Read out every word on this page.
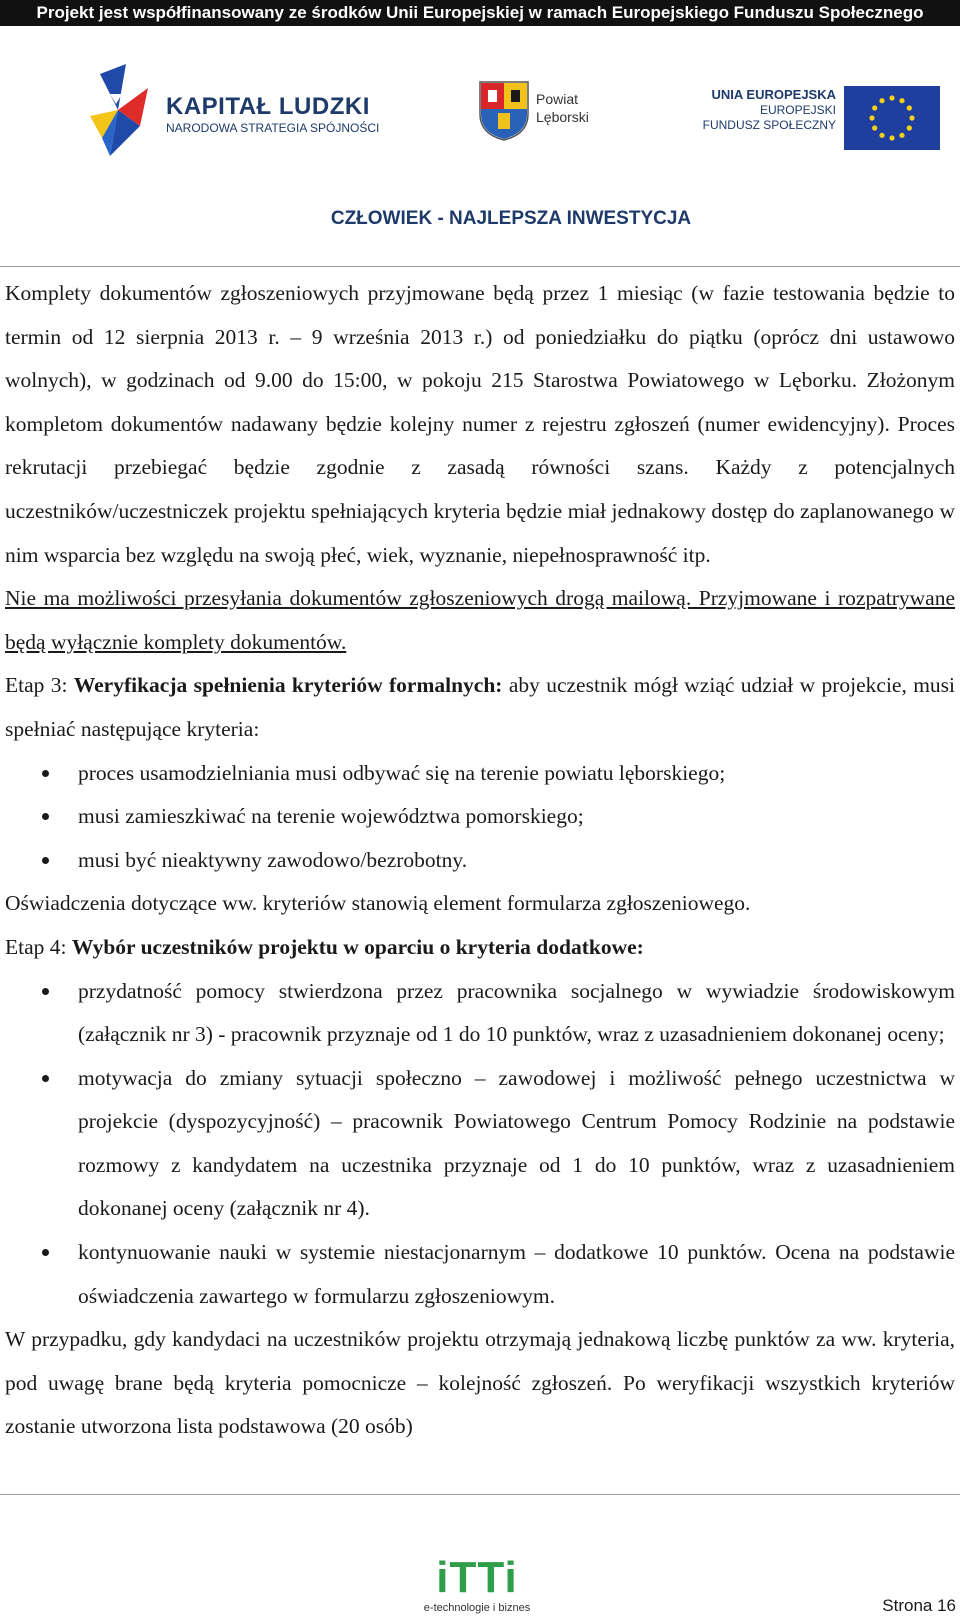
Projekt jest współfinansowany ze środków Unii Europejskiej w ramach Europejskiego Funduszu Społecznego
KAPITAŁ LUDZKI
NARODOWA STRATEGIA SPÓJNOŚCI
Powiat
Lęborski
UNIA EUROPEJSKA
EUROPEJSKI
FUNDUSZ SPOŁECZNY
CZŁOWIEK - NAJLEPSZA INWESTYCJA

Komplety dokumentów zgłoszeniowych przyjmowane będą przez 1 miesiąc (w fazie testowania będzie to termin od 12 sierpnia 2013 r. – 9 września 2013 r.) od poniedziałku do piątku (oprócz dni ustawowo wolnych), w godzinach od 9.00 do 15:00, w pokoju 215 Starostwa Powiatowego w Lęborku. Złożonym kompletom dokumentów nadawany będzie kolejny numer z rejestru zgłoszeń (numer ewidencyjny). Proces rekrutacji przebiegać będzie zgodnie z zasadą równości szans. Każdy z potencjalnych uczestników/uczestniczek projektu spełniających kryteria będzie miał jednakowy dostęp do zaplanowanego w nim wsparcia bez względu na swoją płeć, wiek, wyznanie, niepełnosprawność itp.

Nie ma możliwości przesyłania dokumentów zgłoszeniowych drogą mailową. Przyjmowane i rozpatrywane będą wyłącznie komplety dokumentów.

Etap 3: Weryfikacja spełnienia kryteriów formalnych: aby uczestnik mógł wziąć udział w projekcie, musi spełniać następujące kryteria:

proces usamodzielniania musi odbywać się na terenie powiatu lęborskiego;
musi zamieszkiwać na terenie województwa pomorskiego;
musi być nieaktywny zawodowo/bezrobotny.

Oświadczenia dotyczące ww. kryteriów stanowią element formularza zgłoszeniowego.

Etap 4: Wybór uczestników projektu w oparciu o kryteria dodatkowe:

przydatność pomocy stwierdzona przez pracownika socjalnego w wywiadzie środowiskowym (załącznik nr 3) - pracownik przyznaje od 1 do 10 punktów, wraz z uzasadnieniem dokonanej oceny;
motywacja do zmiany sytuacji społeczno – zawodowej i możliwość pełnego uczestnictwa w projekcie (dyspozycyjność) – pracownik Powiatowego Centrum Pomocy Rodzinie na podstawie rozmowy z kandydatem na uczestnika przyznaje od 1 do 10 punktów, wraz z uzasadnieniem dokonanej oceny (załącznik nr 4).
kontynuowanie nauki w systemie niestacjonarnym – dodatkowe 10 punktów. Ocena na podstawie oświadczenia zawartego w formularzu zgłoszeniowym.

W przypadku, gdy kandydaci na uczestników projektu otrzymają jednakową liczbę punktów za ww. kryteria, pod uwagę brane będą kryteria pomocnicze – kolejność zgłoszeń. Po weryfikacji wszystkich kryteriów zostanie utworzona lista podstawowa (20 osób)

iTTi
e-technologie i biznes	Strona 16
